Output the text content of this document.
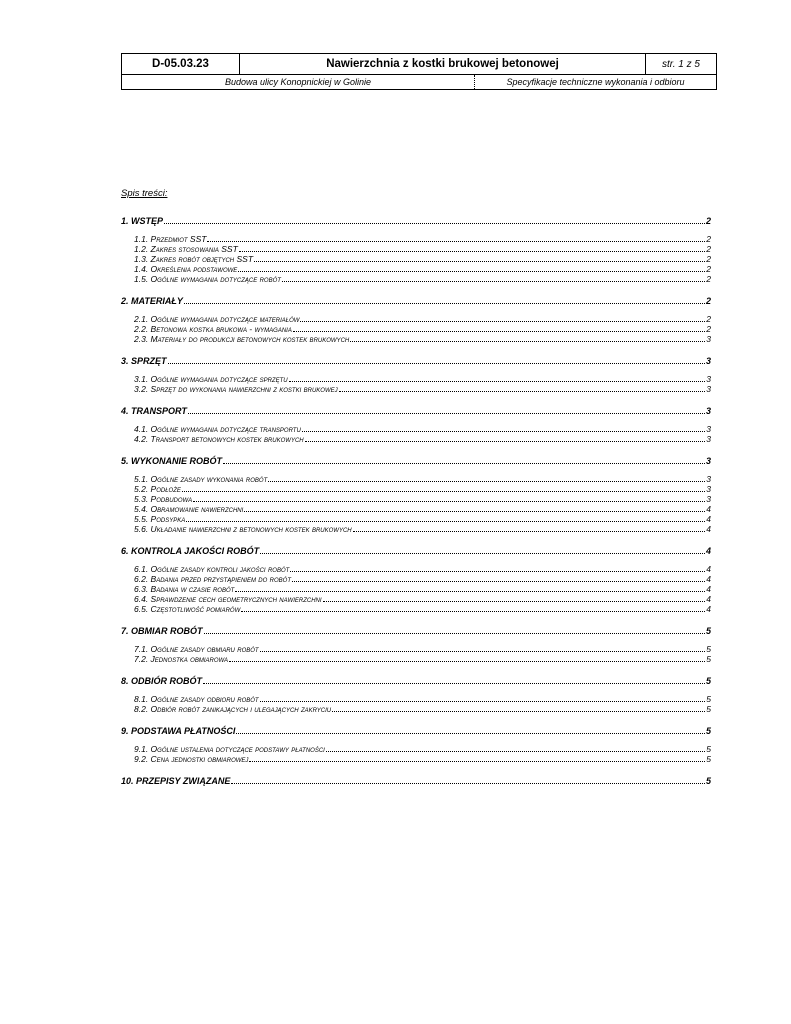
D-05.03.23	Nawierzchnia z kostki brukowej betonowej	str. 1 z 5
Budowa ulicy Konopnickiej w Golinie	Specyfikacje techniczne wykonania i odbioru
Spis treści:
1. WSTĘP	2
1.1. Przedmiot SST	2
1.2. Zakres stosowania SST	2
1.3. Zakres robót objętych SST	2
1.4. Określenia podstawowe	2
1.5. Ogólne wymagania dotyczące robót	2
2. MATERIAŁY	2
2.1. Ogólne wymagania dotyczące materiałów	2
2.2. Betonowa kostka brukowa - wymagania	2
2.3. Materiały do produkcji betonowych kostek brukowych	3
3. SPRZĘT	3
3.1. Ogólne wymagania dotyczące sprzętu	3
3.2. Sprzęt do wykonania nawierzchni z kostki brukowej	3
4. TRANSPORT	3
4.1. Ogólne wymagania dotyczące transportu	3
4.2. Transport betonowych kostek brukowych	3
5. WYKONANIE ROBÓT	3
5.1. Ogólne zasady wykonania robót	3
5.2. Podłoże	3
5.3. Podbudowa	3
5.4. Obramowanie nawierzchni	4
5.5. Podsypka	4
5.6. Układanie nawierzchni z betonowych kostek brukowych	4
6. KONTROLA JAKOŚCI ROBÓT	4
6.1. Ogólne zasady kontroli jakości robót	4
6.2. Badania przed przystąpieniem do robót	4
6.3. Badania w czasie robót	4
6.4. Sprawdzenie cech geometrycznych nawierzchni	4
6.5. Częstotliwość pomiarów	4
7. OBMIAR ROBÓT	5
7.1. Ogólne zasady obmiaru robót	5
7.2. Jednostka obmiarowa	5
8. ODBIÓR ROBÓT	5
8.1. Ogólne zasady odbioru robót	5
8.2. Odbiór robót zanikających i ulegających zakryciu	5
9. PODSTAWA PŁATNOŚCI	5
9.1. Ogólne ustalenia dotyczące podstawy płatności	5
9.2. Cena jednostki obmiarowej	5
10. PRZEPISY ZWIĄZANE	5
